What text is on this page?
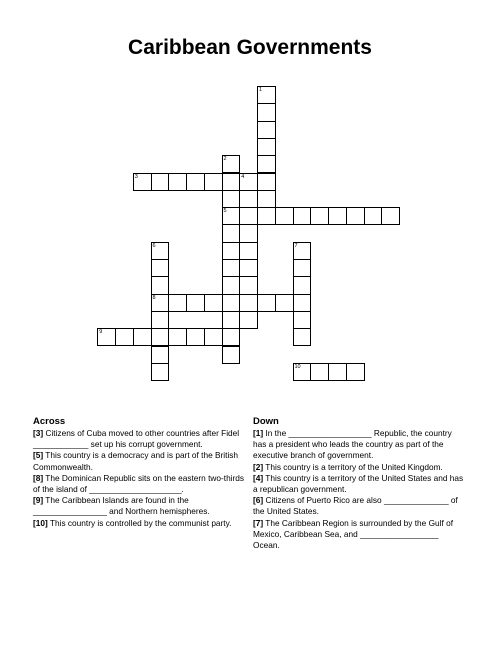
Caribbean Governments
1
2
5
3	4
6
8
7
9
10
Across

[3] Citizens of Cuba moved to other countries after Fidel ____________ set up his corrupt government.

[5] This country is a democracy and is part of the British Commonwealth.

[8] The Dominican Republic sits on the eastern two-thirds of the island of ____________________.

[9] The Caribbean Islands are found in the ________________ and Northern hemispheres.

[10] This country is controlled by the communist party.

Down

[1] In the __________________ Republic, the country has a president who leads the country as part of the executive branch of government.

[2] This country is a territory of the United Kingdom.

[4] This country is a territory of the United States and has a republican government.

[6] Citizens of Puerto Rico are also ______________ of the United States.

[7] The Caribbean Region is surrounded by the Gulf of Mexico, Caribbean Sea, and _________________ Ocean.
